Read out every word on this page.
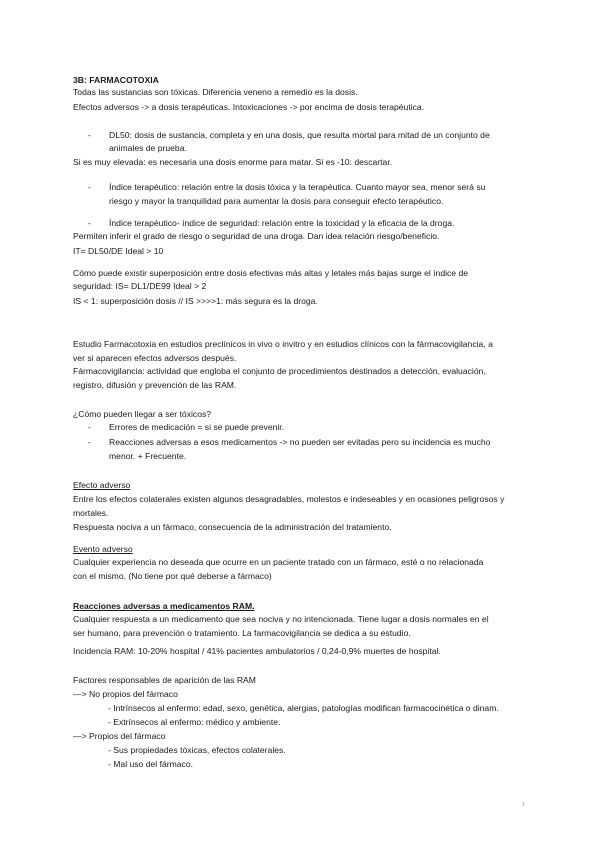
3B: FARMACOTOXIA
Todas las sustancias son tóxicas. Diferencia veneno a remedio es la dosis.
Efectos adversos -> a dosis terapéuticas. Intoxicaciones -> por encima de dosis terapéutica.
- DL50: dosis de sustancia, completa y en una dosis, que resulta mortal para mitad de un conjunto de
animales de prueba.
Si es muy elevada: es necesaria una dosis enorme para matar. Si es -10: descartar.
- Índice terapéutico: relación entre la dosis tóxica y la terapéutica. Cuanto mayor sea, menor será su
riesgo y mayor la tranquilidad para aumentar la dosis para conseguir efecto terapéutico.
- Índice terapéutico- índice de seguridad: relación entre la toxicidad y la eficacia de la droga.
Permiten inferir el grado de riesgo o seguridad de una droga. Dan idea relación riesgo/beneficio.
IT= DL50/DE Ideal > 10
Cómo puede existir superposición entre dosis efectivas más altas y letales más bajas surge el índice de
seguridad: IS= DL1/DE99 Ideal > 2
IS < 1: superposición dosis // IS >>>>1: más segura es la droga.
Estudio Farmacotoxia en estudios preclínicos in vivo o invitro y en estudios clínicos con la fármacovigilancia, a
ver si aparecen efectos adversos después.
Fármacovigilancia: actividad que engloba el conjunto de procedimientos destinados a detección, evaluación,
registro, difusión y prevención de las RAM.
¿Cómo pueden llegar a ser tóxicos?
- Errores de medicación = si se puede prevenir.
- Reacciones adversas a esos medicamentos -> no pueden ser evitadas pero su incidencia es mucho
menor. + Frecuente.
Efecto adverso
Entre los efectos colaterales existen algunos desagradables, molestos e indeseables y en ocasiones peligrosos y
mortales.
Respuesta nociva a un fármaco, consecuencia de la administración del tratamiento.
Evento adverso
Cualquier experiencia no deseada que ocurre en un paciente tratado con un fármaco, esté o no relacionada
con el mismo. (No tiene por qué deberse a fármaco)
Reacciones adversas a medicamentos RAM.
Cualquier respuesta a un medicamento que sea nociva y no intencionada. Tiene lugar a dosis normales en el
ser humano, para prevención o tratamiento. La farmacovigilancia se dedica a su estudio.
Incidencia RAM: 10-20% hospital / 41% pacientes ambulatorios / 0,24-0,9% muertes de hospital.
Factores responsables de aparición de las RAM
—> No propios del fármaco
- Intrínsecos al enfermo: edad, sexo, genética, alergias, patologías modifican farmacocinética o dinam.
- Extrínsecos al enfermo: médico y ambiente.
—> Propios del fármaco
- Sus propiedades tóxicas, efectos colaterales.
- Mal uso del fármaco.
1
